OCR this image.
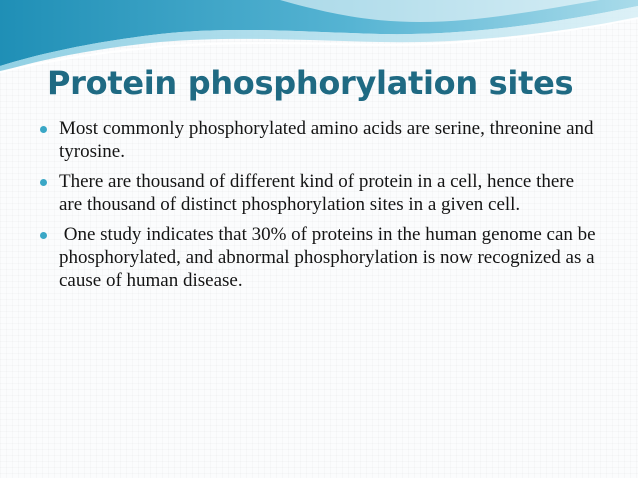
Protein phosphorylation sites
Most commonly phosphorylated amino acids are serine, threonine and tyrosine.
There are thousand of different kind of protein in a cell, hence there are thousand of distinct phosphorylation sites in a given cell.
One study indicates that 30% of proteins in the human genome can be phosphorylated, and abnormal phosphorylation is now recognized as a cause of human disease.
